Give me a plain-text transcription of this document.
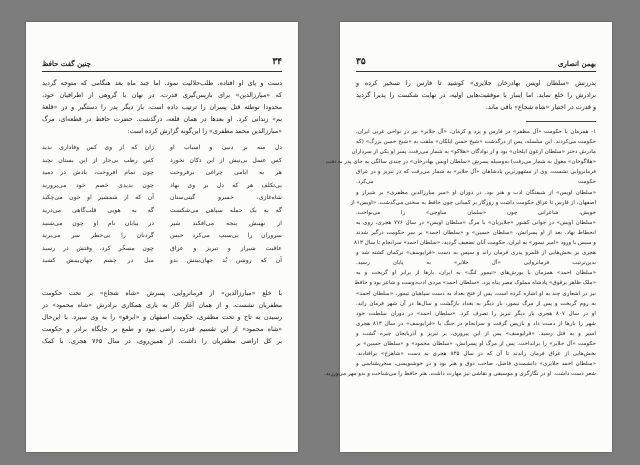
۳۴
چنین گفت حافظ

دست و پای او افتاده، طلب‌حلالیت نمود. اما چند ماه بعد هنگامی که متوجه گردید
که «مبارزالدین» برای بازپس‌گیری قدرت، در نهان با گروهی از اطرافیان خود،
محدودا توطئه قتل پسران را ترتیب داده است، بار دیگر پدر را دستگیر و در «قلعهٔ
بم» زندانی کرد. او بعدها در همان قلعه، درگذشت. حضرت حافظ در قطعه‌ای، مرگ
«مبارزالدین محمد مظفری» را این‌گونه گزارش کرده است:

دل منه بر دنیی و اسباب او
کس عسل بی‌نیش از این دکان نخورد
هر به ایامی چراغی برفروخت
بی‌تکلف هر که دل بر وی نهاد
شاه‌غازی، خسرو گیتی‌ستان
گه به یک حمله سپاهی می‌شکست
از نهیبش پنجه می‌افکند شیر
سروران را بی‌سبب می‌کرد حبس
عاقبت شیراز و تبریز و عراق
آن که روشن بُد جهان‌بینش بدو
زان که از وی کس وفاداری ندید
کس رطب بی‌خار از این بستان نچید
چون تمام افروخت، بادش در دمید
چون بدیدی خصم خود می‌پرورید
آن که از شمشیر او خون می‌چکید
گه به هویی قلب‌گاهی می‌درید
در بیابان نام او چون می‌شنید
گردنان را بی‌خطر سر می‌برید
چون مسخّر کرد، وقتش در رسید
میل در چشم جهان‌بینش کشید

با خلع «مبارزالدین» از فرمانروایی، پسرش «شاه شجاع» بر تخت حکومت
مظفریان نشست، و از همان آغاز کار به یاری همکاری برادرش «شاه محمود» در
رسیدن به تاج و تخت مظفری، حکومت اصفهان و «ابرقو» را به وی سپرد. با این‌حال
«شاه محمود» از این تقسیم قدرت راضی نبود و طمع بر جایگاه برادر و حکومت
بر کل اراضی مظفریان را داشت. از همین‌روی، در سال ۷۶۵ هجری، با کمک

۳۵	بهمن انصاری

پدرزنش «سلطان اویس بهادرخان جلایری» کوشید تا فارس را تسخیر کرده و
برادرش را خلع نماید. اما اینبار با موفقیت‌هایی اولیه، در نهایت شکست را پذیرا گردید
و قدرت در اختیار «شاه شجاع» باقی ماند.

۱- همزمان با حکومت «آل مظفر» در فارس و یزد و کرمان، «آل جلایر» نیز در نواحی غربی ایران،
حکومت می‌کردند. این سلسله، پس از درگذشت «شیخ حسن ایلکان» ملقب به «شیخ حسن بزرگ» (که
مادرش دختر «سلطان ارغون ایلخان» بود و از نوادگان «هلاکو» به شمار می‌رفت، پسر او یکی از سرداران
«هلاگوخان» مغول به شمار می‌رفت) به‌وسیله پسرش «سلطان اویس بهادرخان» در چندی سالگی به جای پدر به تخت
فرمانروایی نشست. وی از مشهورترین پادشاهان «آل جلایر» به شمار می‌رفت که در تبریز و در عراق
حکومت می‌کرد.
«سلطان اویس» از شیفتگان ادب و هنر بود. در دوران او «میر مبارزالدین مظفری» بر شیراز و
اصفهان، از فارس تا عراق حکومت داشت و روزگار بر کسانی چون حافظ به سختی می‌گذشت. «اویس» از
خویش، شاعرانی چون «سلمان ساوجی» را می‌نواخت.
«سلطان اویس» در جوانی کشور «جلایریان» با مرگ «سلطان اویس» در سال ۷۷۶ هجری، روی به
انحطاط نهاد. بعد از او پسرانش، «سلطان حسین» و «سلطان احمد» بر سر حکومت درگیر شدند
و سپس با ورود «امیر تیمور» به ایران، حکومت آنان تضعیف گردید. «سلطان احمد» سرانجام تا سال ۸۱۳
هجری بر بخش‌هایی از قلمرو پدری فرمان راند و سپس به دست «قرایوسف» ترکمان کشته شد و
بدین‌ترتیب فرمانروایی «آل جلایر» به پایان رسید.
«سلطان احمد» همزمان با یورش‌های «تیمور لنگ» به ایران، بارها از برابر او گریخت و به
«ملک ظاهر برقوق» پادشاه مملوک مصر پناه برد. «سلطان احمد» مردی ادب‌دوست و شاعر بود و حافظ
نیز در اشعاری چند به او اشاره کرده است. پس از فتح بغداد به دست سپاهیان تیمور، «سلطان احمد»
به روم گریخت و پس از مرگ تیمور، بار دیگر به بغداد بازگشت و سال‌ها در آن شهر فرمان راند.
او در سال ۸۰۷ هجری بار دیگر تبریز را تصرف کرد. «سلطان احمد» در دوران سلطنت خود
شهر را بارها از دست داد و بازپس گرفت و سرانجام در جنگ با «قرایوسف» در سال ۸۱۳ هجری
اسیر و به قتل رسید. «قرایوسف» پس از این پیروزی، بر تبریز و آذربایجان چیره گشت و
حکومت «آل جلایر» را برانداخت. پس از مرگ او پسرانش، «سلطان محمود» و «سلطان حسین» بر
بخش‌هایی از عراق فرمان راندند تا آن که در سال ۸۳۵ هجری به دست «شاهرخ» برافتادند.
«سلطان احمد جلایری» دانشمندی فاضل، صاحب ذوق و هنر بود و در خوشنویسی، سخن‌شناسی و
شعر دست داشت. او در نگارگری و موسیقی و نقاشی نیز مهارت داشت. هنر حافظ را می‌شناخت و بدو مهر می‌ورزید.
